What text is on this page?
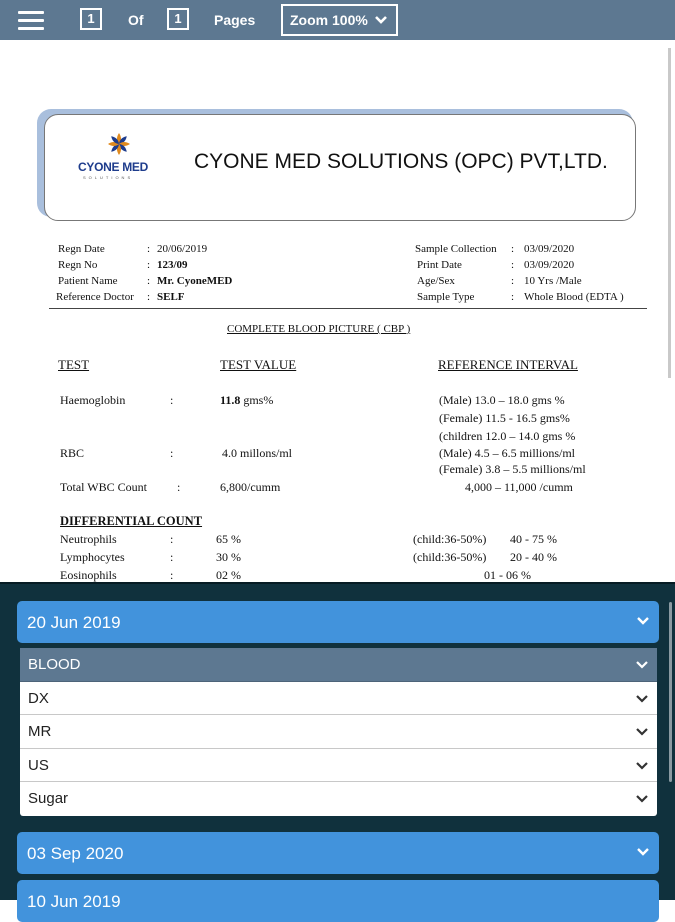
1	Of	1	Pages	Zoom 100%
CYONE MED
SOLUTIONS
CYONE MED SOLUTIONS (OPC) PVT,LTD.
Regn Date	: 20/06/2019
Regn No	: 123/09
Patient Name	: Mr. CyoneMED
Reference Doctor : SELF
Sample Collection : 03/09/2020
Print Date	: 03/09/2020
Age/Sex	: 10 Yrs /Male
Sample Type	: Whole Blood (EDTA )
COMPLETE BLOOD PICTURE ( CBP )
TEST	TEST VALUE	REFERENCE INTERVAL
Haemoglobin	:	11.8 gms%	(Male) 13.0 – 18.0 gms %
(Female) 11.5 - 16.5 gms%
(children 12.0 – 14.0 gms %
RBC	:	4.0 millons/ml	(Male) 4.5 – 6.5 millions/ml
(Female) 3.8 – 5.5 millions/ml
Total WBC Count	:	6,800/cumm	4,000 – 11,000 /cumm
DIFFERENTIAL COUNT
Neutrophils	:	65 %	(child:36-50%) 40 - 75 %
Lymphocytes	:	30 %	(child:36-50%) 20 - 40 %
Eosinophils	:	02 %	01 - 06 %
20 Jun 2019
BLOOD
DX
MR
US
Sugar
03 Sep 2020
10 Jun 2019
